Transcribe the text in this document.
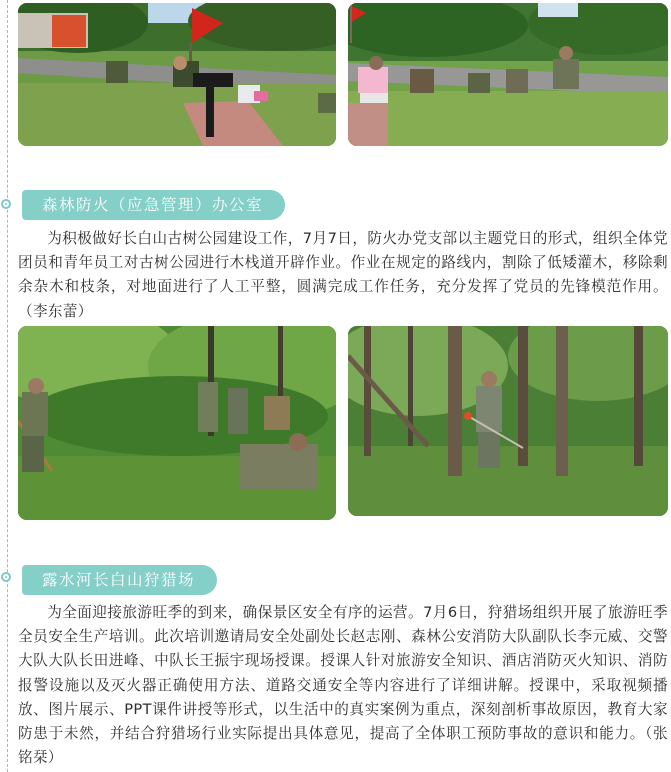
森林防火（应急管理）办公室

为积极做好长白山古树公园建设工作，7月7日，防火办党支部以主题党日的形式，组织全体党团员和青年员工对古树公园进行木栈道开辟作业。作业在规定的路线内，割除了低矮灌木，移除剩余杂木和枝条，对地面进行了人工平整，圆满完成工作任务，充分发挥了党员的先锋模范作用。（李东蕾）

露水河长白山狩猎场

为全面迎接旅游旺季的到来，确保景区安全有序的运营。7月6日，狩猎场组织开展了旅游旺季全员安全生产培训。此次培训邀请局安全处副处长赵志刚、森林公安消防大队副队长李元威、交警大队大队长田进峰、中队长王振宇现场授课。授课人针对旅游安全知识、酒店消防灭火知识、消防报警设施以及灭火器正确使用方法、道路交通安全等内容进行了详细讲解。授课中，采取视频播放、图片展示、PPT课件讲授等形式，以生活中的真实案例为重点，深刻剖析事故原因，教育大家防患于未然，并结合狩猎场行业实际提出具体意见，提高了全体职工预防事故的意识和能力。（张铭栞）
